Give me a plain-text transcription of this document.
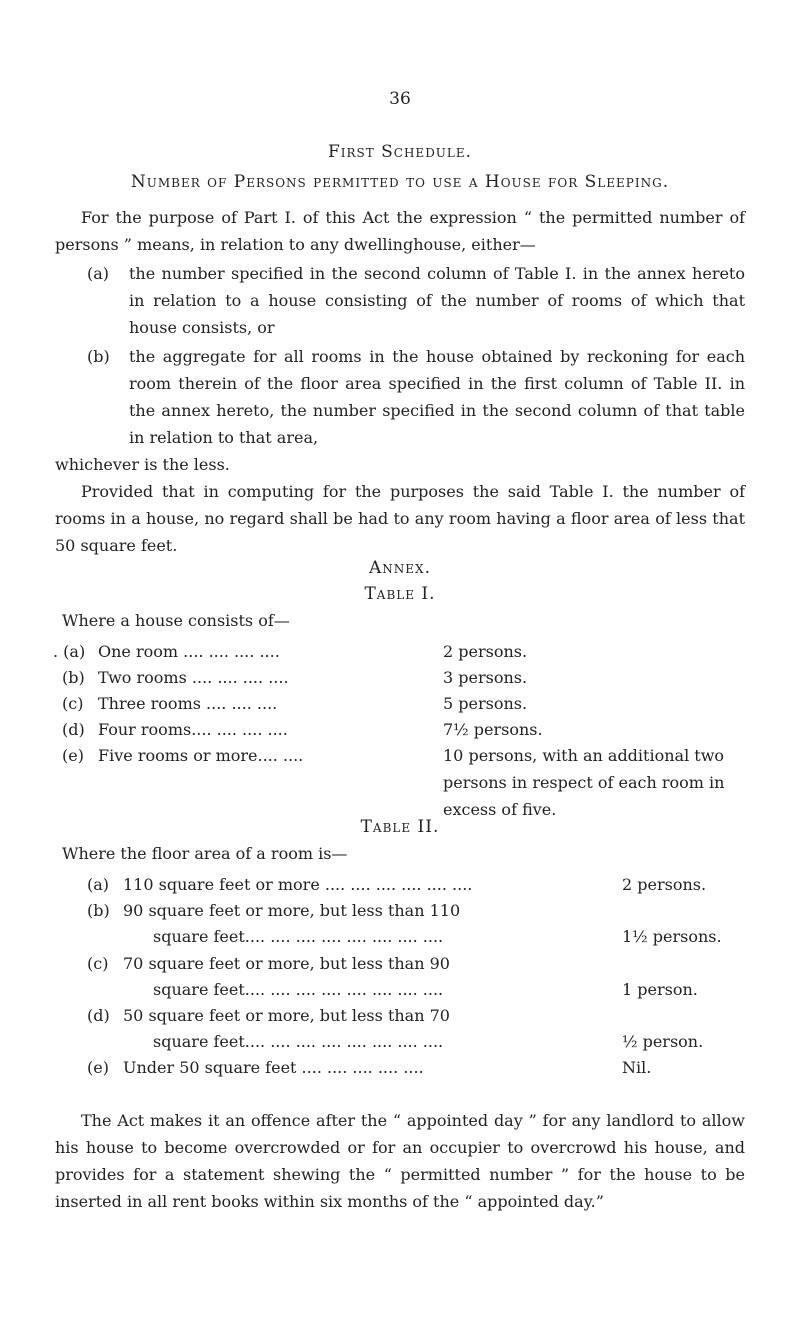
36
First Schedule.
Number of Persons permitted to use a House for Sleeping.
For the purpose of Part I. of this Act the expression “ the permitted number of persons ” means, in relation to any dwellinghouse, either—
(a) the number specified in the second column of Table I. in the annex hereto in relation to a house consisting of the number of rooms of which that house consists, or
(b) the aggregate for all rooms in the house obtained by reckoning for each room therein of the floor area specified in the first column of Table II. in the annex hereto, the number specified in the second column of that table in relation to that area,
whichever is the less.
Provided that in computing for the purposes the said Table I. the number of rooms in a house, no regard shall be had to any room having a floor area of less that 50 square feet.
Annex.
Table I.
Where a house consists of—
. (a) One room .... .... .... ....	2 persons.
(b) Two rooms .... .... .... ....	3 persons.
(c) Three rooms .... .... ....	5 persons.
(d) Four rooms.... .... .... ....	7½ persons.
(e) Five rooms or more.... ....	10 persons, with an additional two persons in respect of each room in excess of five.
Table II.
Where the floor area of a room is—
(a) 110 square feet or more .... .... .... .... .... ....	2 persons.
(b) 90 square feet or more, but less than 110
square feet.... .... .... .... .... .... .... ....	1½ persons.
(c) 70 square feet or more, but less than 90
square feet.... .... .... .... .... .... .... ....	1 person.
(d) 50 square feet or more, but less than 70
square feet.... .... .... .... .... .... .... ....	½ person.
(e) Under 50 square feet .... .... .... .... ....	Nil.
The Act makes it an offence after the “ appointed day ” for any landlord to allow his house to become overcrowded or for an occupier to overcrowd his house, and provides for a statement shewing the “ permitted number ” for the house to be inserted in all rent books within six months of the “ appointed day.”
